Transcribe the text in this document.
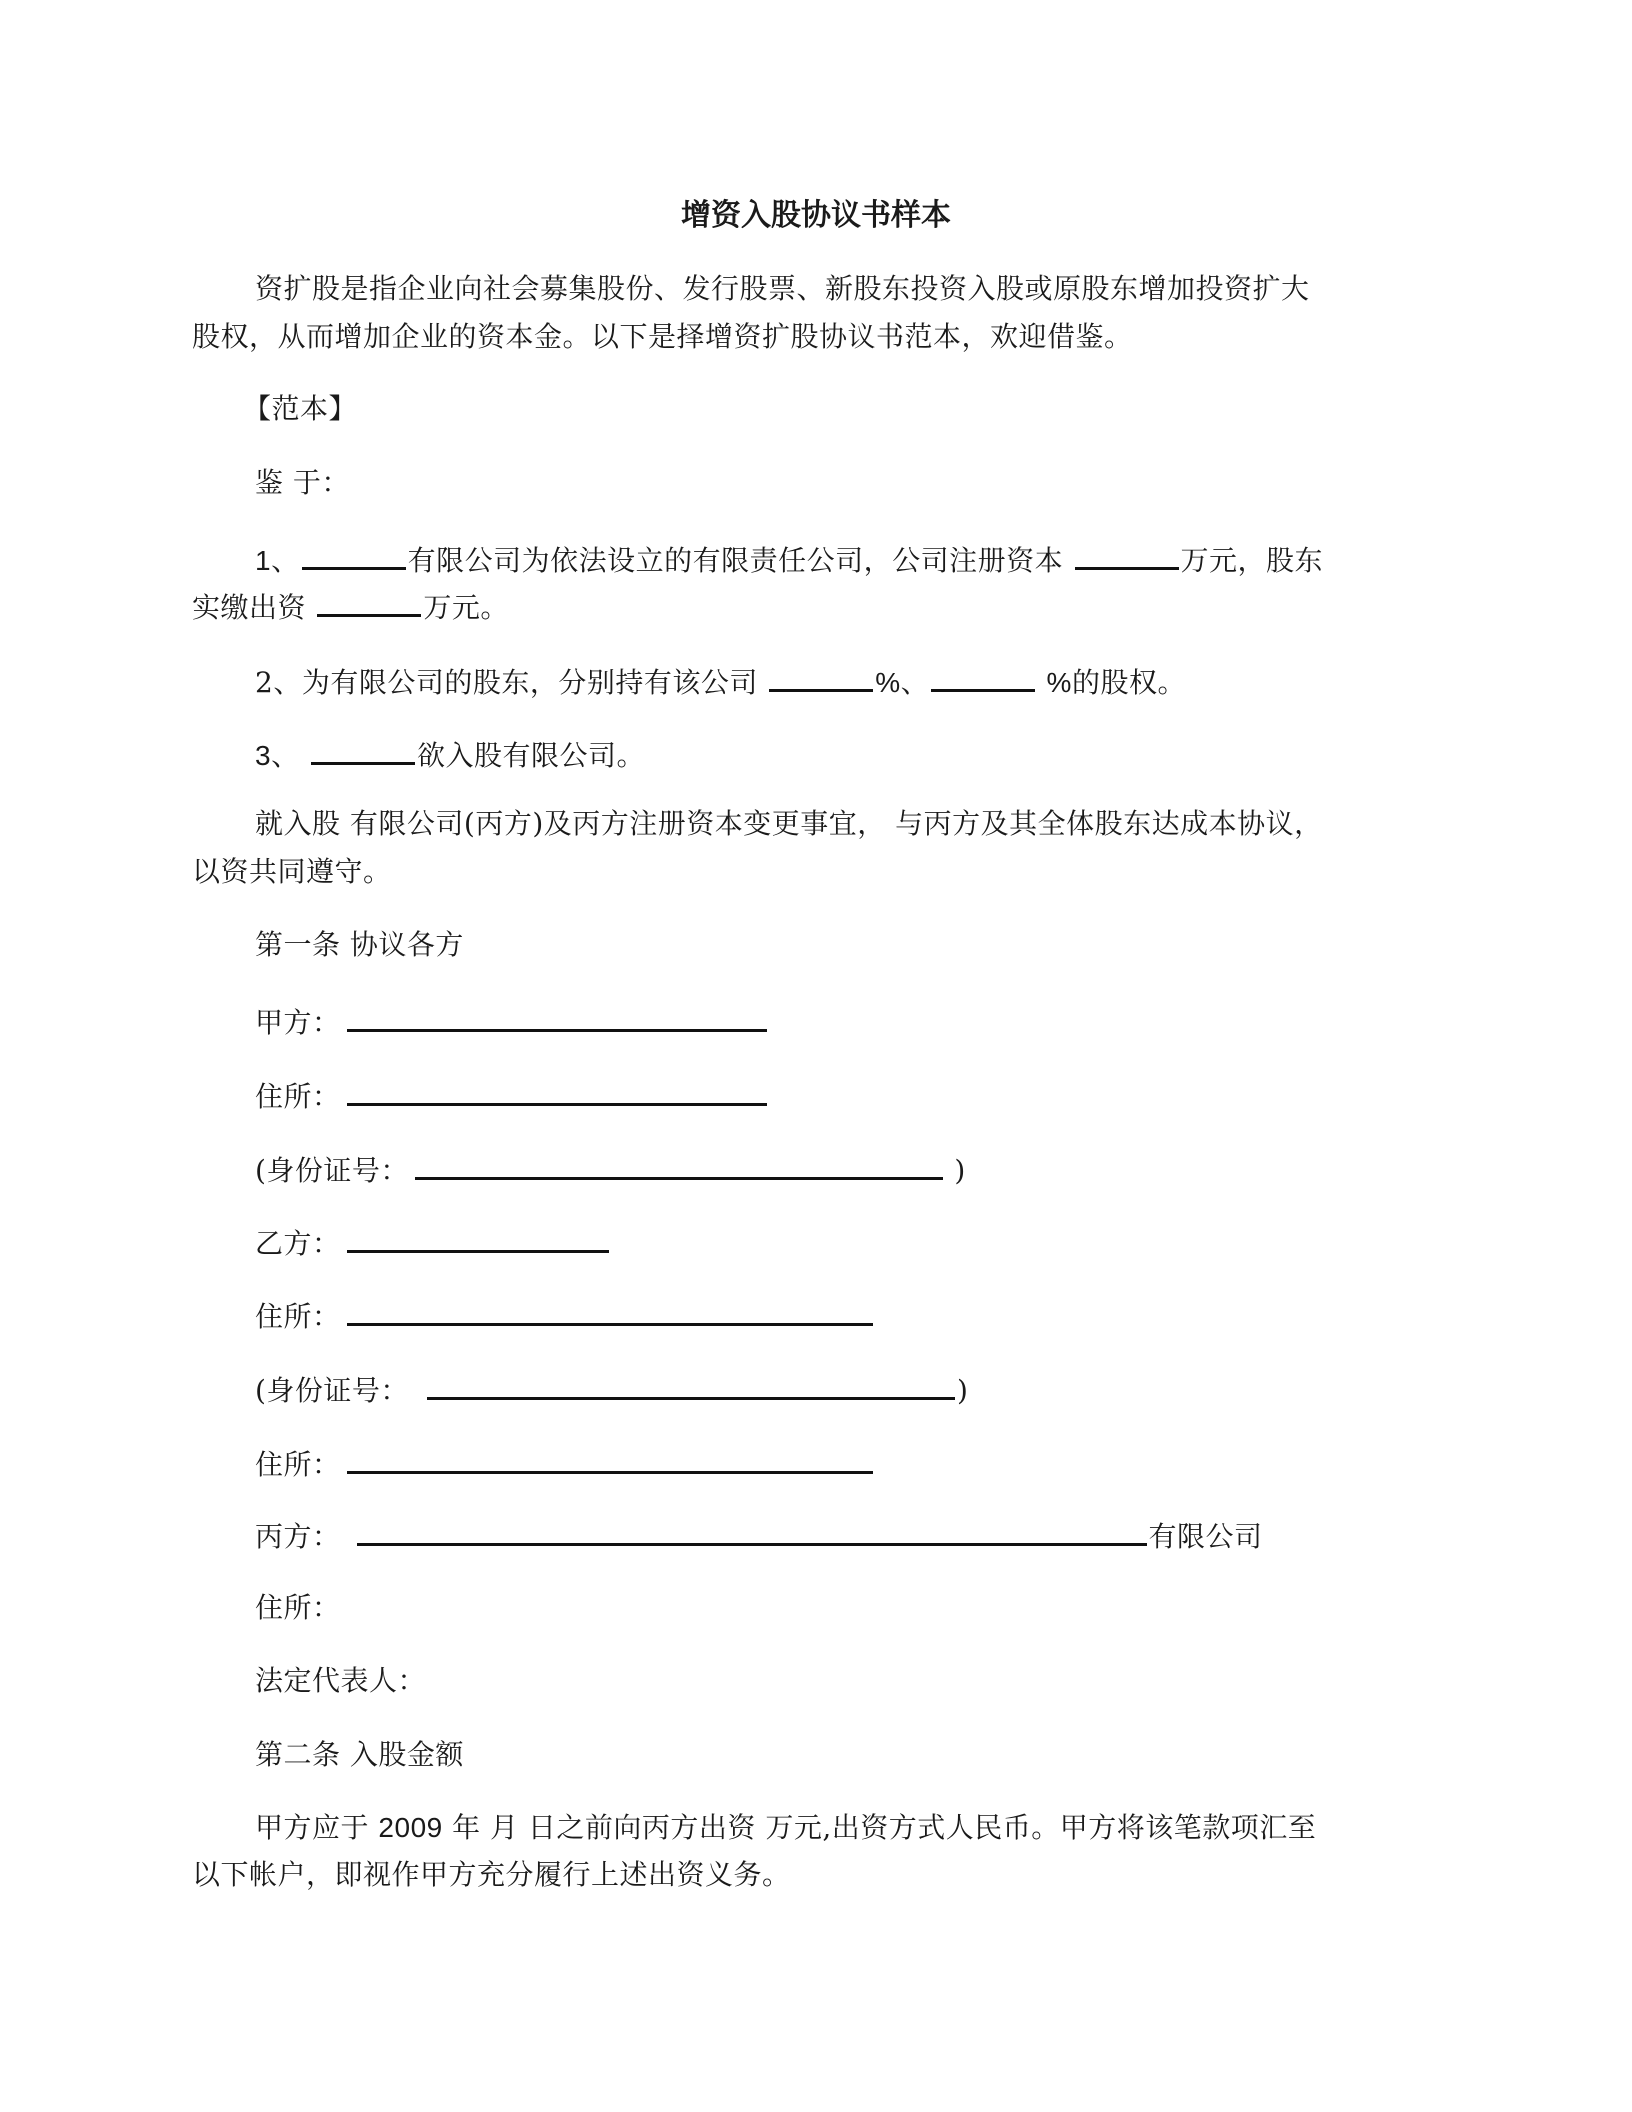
增资入股协议书样本
资扩股是指企业向社会募集股份、发行股票、新股东投资入股或原股东增加投资扩大
股权，从而增加企业的资本金。以下是择增资扩股协议书范本，欢迎借鉴。
【范本】
鉴 于：
1、	有限公司为依法设立的有限责任公司，公司注册资本	万元，股东
实缴出资	万元。
2、为有限公司的股东，分别持有该公司	%、	%的股权。
3、	欲入股有限公司。
就入股 有限公司(丙方)及丙方注册资本变更事宜， 与丙方及其全体股东达成本协议，
以资共同遵守。
第一条 协议各方
甲方：
住所：
(身份证号：	)
乙方：
住所：
(身份证号：	)
住所：
丙方：	有限公司
住所：
法定代表人：
第二条 入股金额
甲方应于 2009 年 月 日之前向丙方出资 万元,出资方式人民币。甲方将该笔款项汇至
以下帐户，即视作甲方充分履行上述出资义务。
